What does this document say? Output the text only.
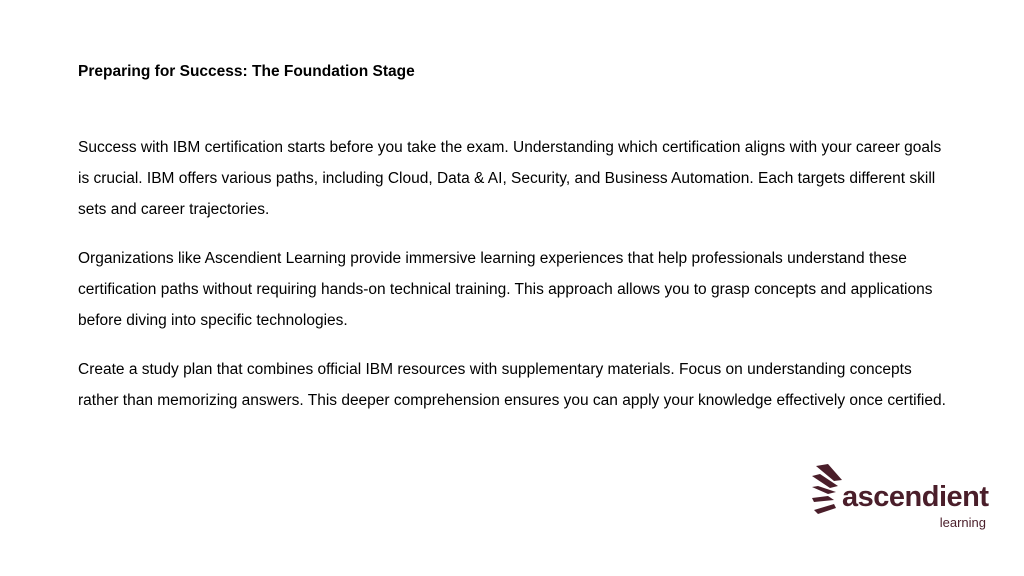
Preparing for Success: The Foundation Stage

Success with IBM certification starts before you take the exam. Understanding which certification aligns with your career goals is crucial. IBM offers various paths, including Cloud, Data & AI, Security, and Business Automation. Each targets different skill sets and career trajectories.

Organizations like Ascendient Learning provide immersive learning experiences that help professionals understand these certification paths without requiring hands-on technical training. This approach allows you to grasp concepts and applications before diving into specific technologies.

Create a study plan that combines official IBM resources with supplementary materials. Focus on understanding concepts rather than memorizing answers. This deeper comprehension ensures you can apply your knowledge effectively once certified.

ascendient
learning
